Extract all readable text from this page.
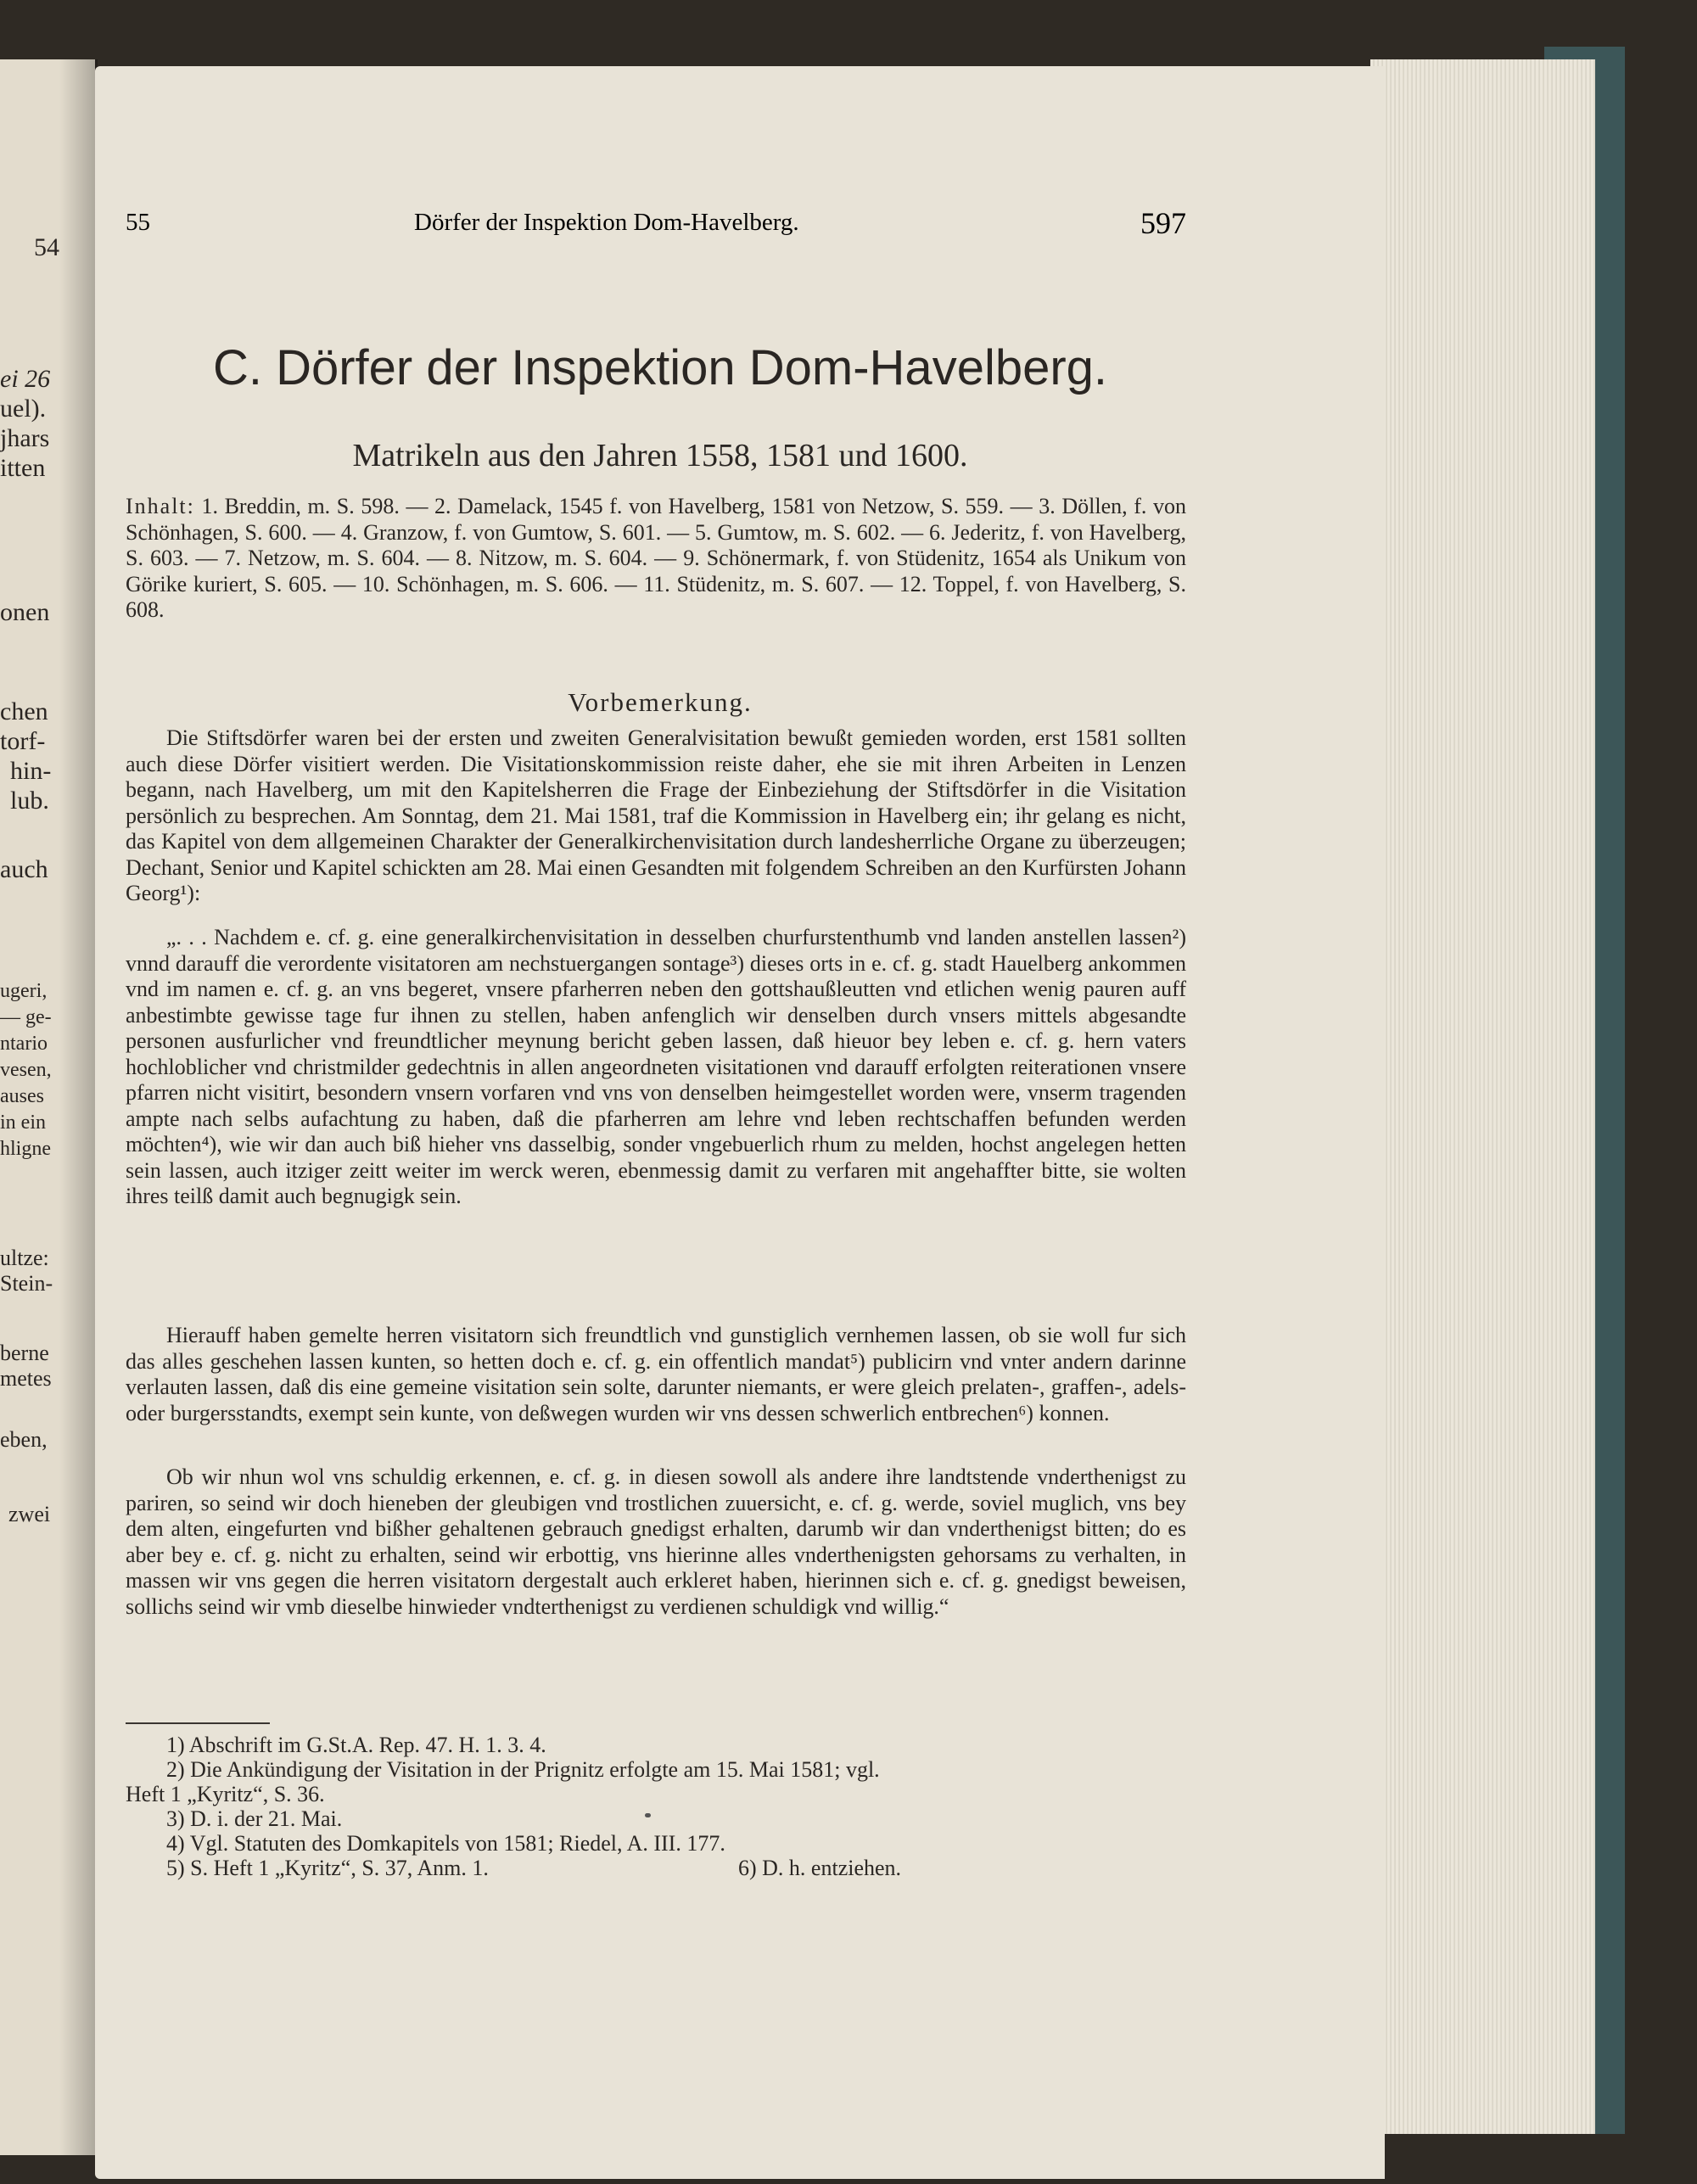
54
ei 26
uel).
jhars
itten
onen
chen
torf-
hin-
lub.
auch
ugeri,
— ge-
ntario
vesen,
auses
in ein
hligne
ultze:
Stein-
berne
metes
eben,
zwei
55	Dörfer der Inspektion Dom-Havelberg.	597
C. Dörfer der Inspektion Dom-Havelberg.
Matrikeln aus den Jahren 1558, 1581 und 1600.
Inhalt: 1. Breddin, m. S. 598. — 2. Damelack, 1545 f. von Havelberg, 1581 von Netzow, S. 559. — 3. Döllen, f. von Schönhagen, S. 600. — 4. Granzow, f. von Gumtow, S. 601. — 5. Gumtow, m. S. 602. — 6. Jederitz, f. von Havelberg, S. 603. — 7. Netzow, m. S. 604. — 8. Nitzow, m. S. 604. — 9. Schönermark, f. von Stüdenitz, 1654 als Unikum von Görike kuriert, S. 605. — 10. Schönhagen, m. S. 606. — 11. Stüdenitz, m. S. 607. — 12. Toppel, f. von Havelberg, S. 608.
Vorbemerkung.
Die Stiftsdörfer waren bei der ersten und zweiten Generalvisitation bewußt gemieden worden, erst 1581 sollten auch diese Dörfer visitiert werden. Die Visitationskommission reiste daher, ehe sie mit ihren Arbeiten in Lenzen begann, nach Havelberg, um mit den Kapitelsherren die Frage der Einbeziehung der Stiftsdörfer in die Visitation persönlich zu besprechen. Am Sonntag, dem 21. Mai 1581, traf die Kommission in Havelberg ein; ihr gelang es nicht, das Kapitel von dem allgemeinen Charakter der Generalkirchenvisitation durch landesherrliche Organe zu überzeugen; Dechant, Senior und Kapitel schickten am 28. Mai einen Gesandten mit folgendem Schreiben an den Kurfürsten Johann Georg¹):
„. . . Nachdem e. cf. g. eine generalkirchenvisitation in desselben churfurstenthumb vnd landen anstellen lassen²) vnnd darauff die verordente visitatoren am nechstuergangen sontage³) dieses orts in e. cf. g. stadt Hauelberg ankommen vnd im namen e. cf. g. an vns begeret, vnsere pfarherren neben den gottshaußleutten vnd etlichen wenig pauren auff anbestimbte gewisse tage fur ihnen zu stellen, haben anfenglich wir denselben durch vnsers mittels abgesandte personen ausfurlicher vnd freundtlicher meynung bericht geben lassen, daß hieuor bey leben e. cf. g. hern vaters hochloblicher vnd christmilder gedechtnis in allen angeordneten visitationen vnd darauff erfolgten reiterationen vnsere pfarren nicht visitirt, besondern vnsern vorfaren vnd vns von denselben heimgestellet worden were, vnserm tragenden ampte nach selbs aufachtung zu haben, daß die pfarherren am lehre vnd leben rechtschaffen befunden werden möchten⁴), wie wir dan auch biß hieher vns dasselbig, sonder vngebuerlich rhum zu melden, hochst angelegen hetten sein lassen, auch itziger zeitt weiter im werck weren, ebenmessig damit zu verfaren mit angehaffter bitte, sie wolten ihres teilß damit auch begnugigk sein.
Hierauff haben gemelte herren visitatorn sich freundtlich vnd gunstiglich vernhemen lassen, ob sie woll fur sich das alles geschehen lassen kunten, so hetten doch e. cf. g. ein offentlich mandat⁵) publicirn vnd vnter andern darinne verlauten lassen, daß dis eine gemeine visitation sein solte, darunter niemants, er were gleich prelaten-, graffen-, adels- oder burgersstandts, exempt sein kunte, von deßwegen wurden wir vns dessen schwerlich entbrechen⁶) konnen.
Ob wir nhun wol vns schuldig erkennen, e. cf. g. in diesen sowoll als andere ihre landtstende vnderthenigst zu pariren, so seind wir doch hieneben der gleubigen vnd trostlichen zuuersicht, e. cf. g. werde, soviel muglich, vns bey dem alten, eingefurten vnd bißher gehaltenen gebrauch gnedigst erhalten, darumb wir dan vnderthenigst bitten; do es aber bey e. cf. g. nicht zu erhalten, seind wir erbottig, vns hierinne alles vnderthenigsten gehorsams zu verhalten, in massen wir vns gegen die herren visitatorn dergestalt auch erkleret haben, hierinnen sich e. cf. g. gnedigst beweisen, sollichs seind wir vmb dieselbe hinwieder vndterthenigst zu verdienen schuldigk vnd willig.“
1) Abschrift im G.St.A. Rep. 47. H. 1. 3. 4.
2) Die Ankündigung der Visitation in der Prignitz erfolgte am 15. Mai 1581; vgl.
Heft 1 „Kyritz“, S. 36.
3) D. i. der 21. Mai.
4) Vgl. Statuten des Domkapitels von 1581; Riedel, A. III. 177.
5) S. Heft 1 „Kyritz“, S. 37, Anm. 1.	6) D. h. entziehen.
